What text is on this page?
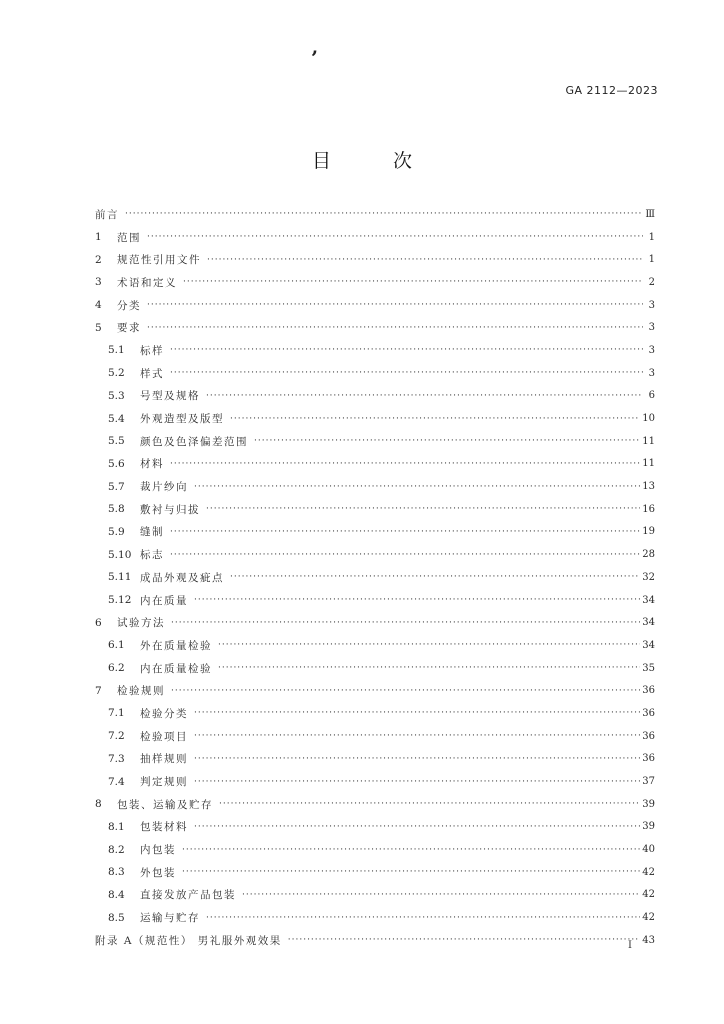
’
GA 2112—2023
目 次
前言 ·····	Ⅲ
1	范围 ·····	1
2	规范性引用文件 ·····	1
3	术语和定义 ·····	2
4	分类 ·····	3
5	要求 ·····	3
5.1	标样 ·····	3
5.2	样式 ·····	3
5.3	号型及规格 ·····	6
5.4	外观造型及版型 ·····	10
5.5	颜色及色泽偏差范围 ·····	11
5.6	材料 ·····	11
5.7	裁片纱向 ·····	13
5.8	敷衬与归拔 ·····	16
5.9	缝制 ·····	19
5.10 标志 ·····	28
5.11 成品外观及疵点 ·····	32
5.12 内在质量 ·····	34
6	试验方法 ·····	34
6.1	外在质量检验 ·····	34
6.2	内在质量检验 ·····	35
7	检验规则 ·····	36
7.1	检验分类 ·····	36
7.2	检验项目 ·····	36
7.3	抽样规则 ·····	36
7.4	判定规则 ·····	37
8	包装、运输及贮存 ·····	39
8.1	包装材料 ·····	39
8.2	内包装 ·····	40
8.3	外包装 ·····	42
8.4	直接发放产品包装 ·····	42
8.5	运输与贮存 ·····	42
附录 A（规范性） 男礼服外观效果 ·····	43
I
